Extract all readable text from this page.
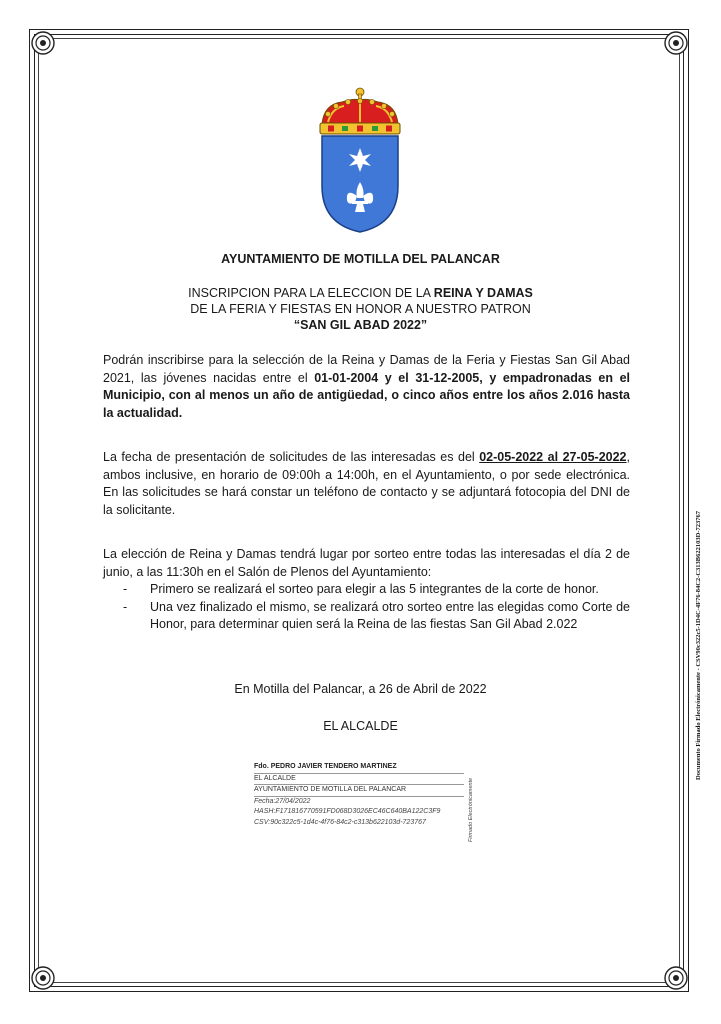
AYUNTAMIENTO DE MOTILLA DEL PALANCAR
INSCRIPCION PARA LA ELECCION DE LA REINA Y DAMAS
DE LA FERIA Y FIESTAS EN HONOR A NUESTRO PATRON
“SAN GIL ABAD 2022”
Podrán inscribirse para la selección de la Reina y Damas de la Feria y Fiestas San Gil Abad 2021, las jóvenes nacidas entre el 01-01-2004 y el 31-12-2005, y empadronadas en el Municipio, con al menos un año de antigüedad, o cinco años entre los años 2.016 hasta la actualidad.
La fecha de presentación de solicitudes de las interesadas es del 02-05-2022 al 27-05-2022, ambos inclusive, en horario de 09:00h a 14:00h, en el Ayuntamiento, o por sede electrónica. En las solicitudes se hará constar un teléfono de contacto y se adjuntará fotocopia del DNI de la solicitante.

La elección de Reina y Damas tendrá lugar por sorteo entre todas las interesadas el día 2 de junio, a las 11:30h en el Salón de Plenos del Ayuntamiento:

- Primero se realizará el sorteo para elegir a las 5 integrantes de la corte de honor.
- Una vez finalizado el mismo, se realizará otro sorteo entre las elegidas como Corte de Honor, para determinar quien será la Reina de las fiestas San Gil Abad 2.022
En Motilla del Palancar, a 26 de Abril de 2022
EL ALCALDE
Fdo. PEDRO JAVIER TENDERO MARTINEZ
EL ALCALDE
AYUNTAMIENTO DE MOTILLA DEL PALANCAR
Fecha:27/04/2022
HASH:F171816770591FD068D3026EC46C640BA122C3F9
CSV:90c322c5-1d4c-4f76-84c2-c313b622103d-723767	Firmado Electrónicamente
Documento Firmado Electrónicamente - CSV90c322c5-1D4C-4F76-84C2-C313B622103D-723767
